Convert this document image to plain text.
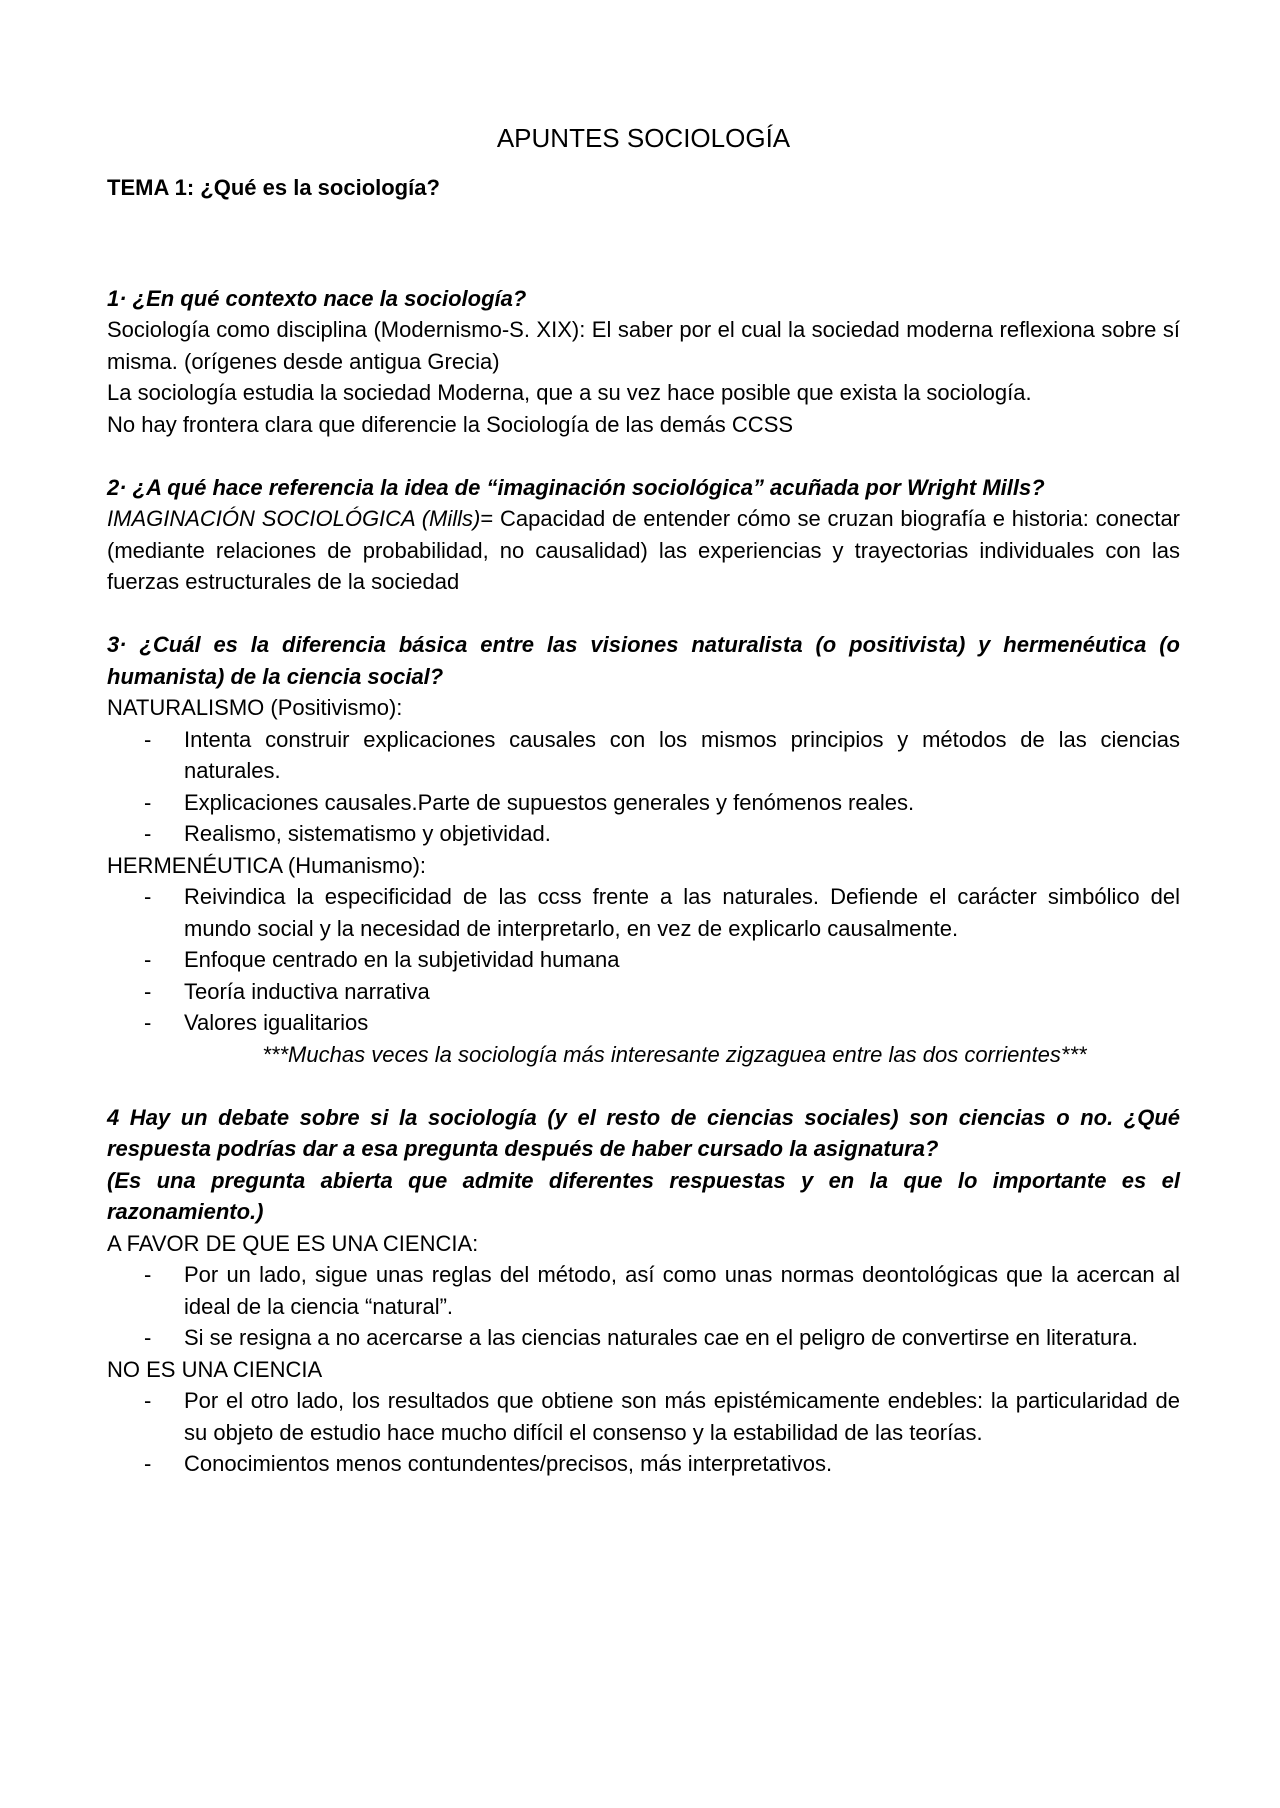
APUNTES SOCIOLOGÍA

TEMA 1: ¿Qué es la sociología?

1· ¿En qué contexto nace la sociología?

Sociología como disciplina (Modernismo-S. XIX): El saber por el cual la sociedad moderna reflexiona sobre sí misma. (orígenes desde antigua Grecia)

La sociología estudia la sociedad Moderna, que a su vez hace posible que exista la sociología.

No hay frontera clara que diferencie la Sociología de las demás CCSS

2· ¿A qué hace referencia la idea de “imaginación sociológica” acuñada por Wright Mills?

IMAGINACIÓN SOCIOLÓGICA (Mills)= Capacidad de entender cómo se cruzan biografía e historia: conectar (mediante relaciones de probabilidad, no causalidad) las experiencias y trayectorias individuales con las fuerzas estructurales de la sociedad

3· ¿Cuál es la diferencia básica entre las visiones naturalista (o positivista) y hermenéutica (o humanista) de la ciencia social?

NATURALISMO (Positivismo):

- Intenta construir explicaciones causales con los mismos principios y métodos de las ciencias naturales.
- Explicaciones causales.Parte de supuestos generales y fenómenos reales.
- Realismo, sistematismo y objetividad.

HERMENÉUTICA (Humanismo):

- Reivindica la especificidad de las ccss frente a las naturales. Defiende el carácter simbólico del mundo social y la necesidad de interpretarlo, en vez de explicarlo causalmente.
- Enfoque centrado en la subjetividad humana
- Teoría inductiva narrativa
- Valores igualitarios

***Muchas veces la sociología más interesante zigzaguea entre las dos corrientes***

4 Hay un debate sobre si la sociología (y el resto de ciencias sociales) son ciencias o no. ¿Qué respuesta podrías dar a esa pregunta después de haber cursado la asignatura?

(Es una pregunta abierta que admite diferentes respuestas y en la que lo importante es el razonamiento.)

A FAVOR DE QUE ES UNA CIENCIA:

- Por un lado, sigue unas reglas del método, así como unas normas deontológicas que la acercan al ideal de la ciencia “natural”.
- Si se resigna a no acercarse a las ciencias naturales cae en el peligro de convertirse en literatura.

NO ES UNA CIENCIA

- Por el otro lado, los resultados que obtiene son más epistémicamente endebles: la particularidad de su objeto de estudio hace mucho difícil el consenso y la estabilidad de las teorías.
- Conocimientos menos contundentes/precisos, más interpretativos.
